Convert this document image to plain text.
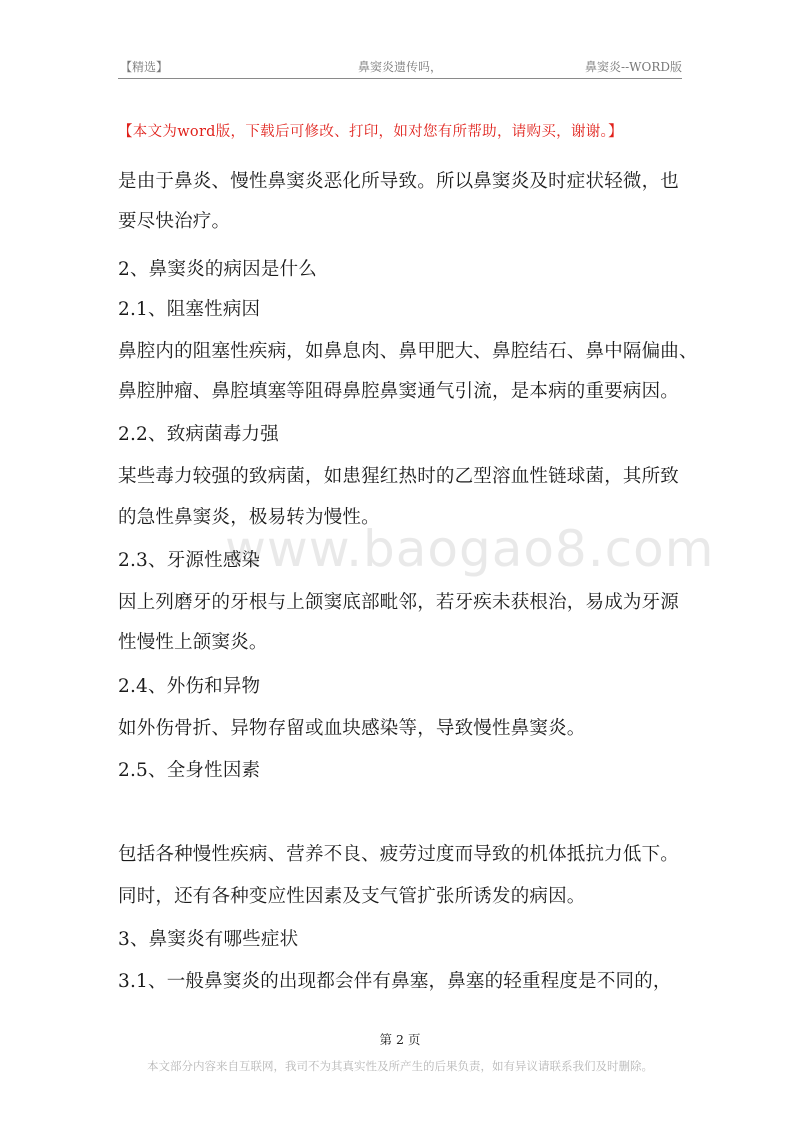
【精选】	鼻窦炎遗传吗，	鼻窦炎--WORD版
【本文为word版，下载后可修改、打印，如对您有所帮助，请购买，谢谢。】
www.baogao8.com
是由于鼻炎、慢性鼻窦炎恶化所导致。所以鼻窦炎及时症状轻微，也
要尽快治疗。
2、鼻窦炎的病因是什么
2.1、阻塞性病因
鼻腔内的阻塞性疾病，如鼻息肉、鼻甲肥大、鼻腔结石、鼻中隔偏曲、
鼻腔肿瘤、鼻腔填塞等阻碍鼻腔鼻窦通气引流，是本病的重要病因。
2.2、致病菌毒力强
某些毒力较强的致病菌，如患猩红热时的乙型溶血性链球菌，其所致
的急性鼻窦炎，极易转为慢性。
2.3、牙源性感染
因上列磨牙的牙根与上颌窦底部毗邻，若牙疾未获根治，易成为牙源
性慢性上颌窦炎。
2.4、外伤和异物
如外伤骨折、异物存留或血块感染等，导致慢性鼻窦炎。
2.5、全身性因素
包括各种慢性疾病、营养不良、疲劳过度而导致的机体抵抗力低下。
同时，还有各种变应性因素及支气管扩张所诱发的病因。
3、鼻窦炎有哪些症状
3.1、一般鼻窦炎的出现都会伴有鼻塞，鼻塞的轻重程度是不同的，
第 2 页
本文部分内容来自互联网，我司不为其真实性及所产生的后果负责，如有异议请联系我们及时删除。
